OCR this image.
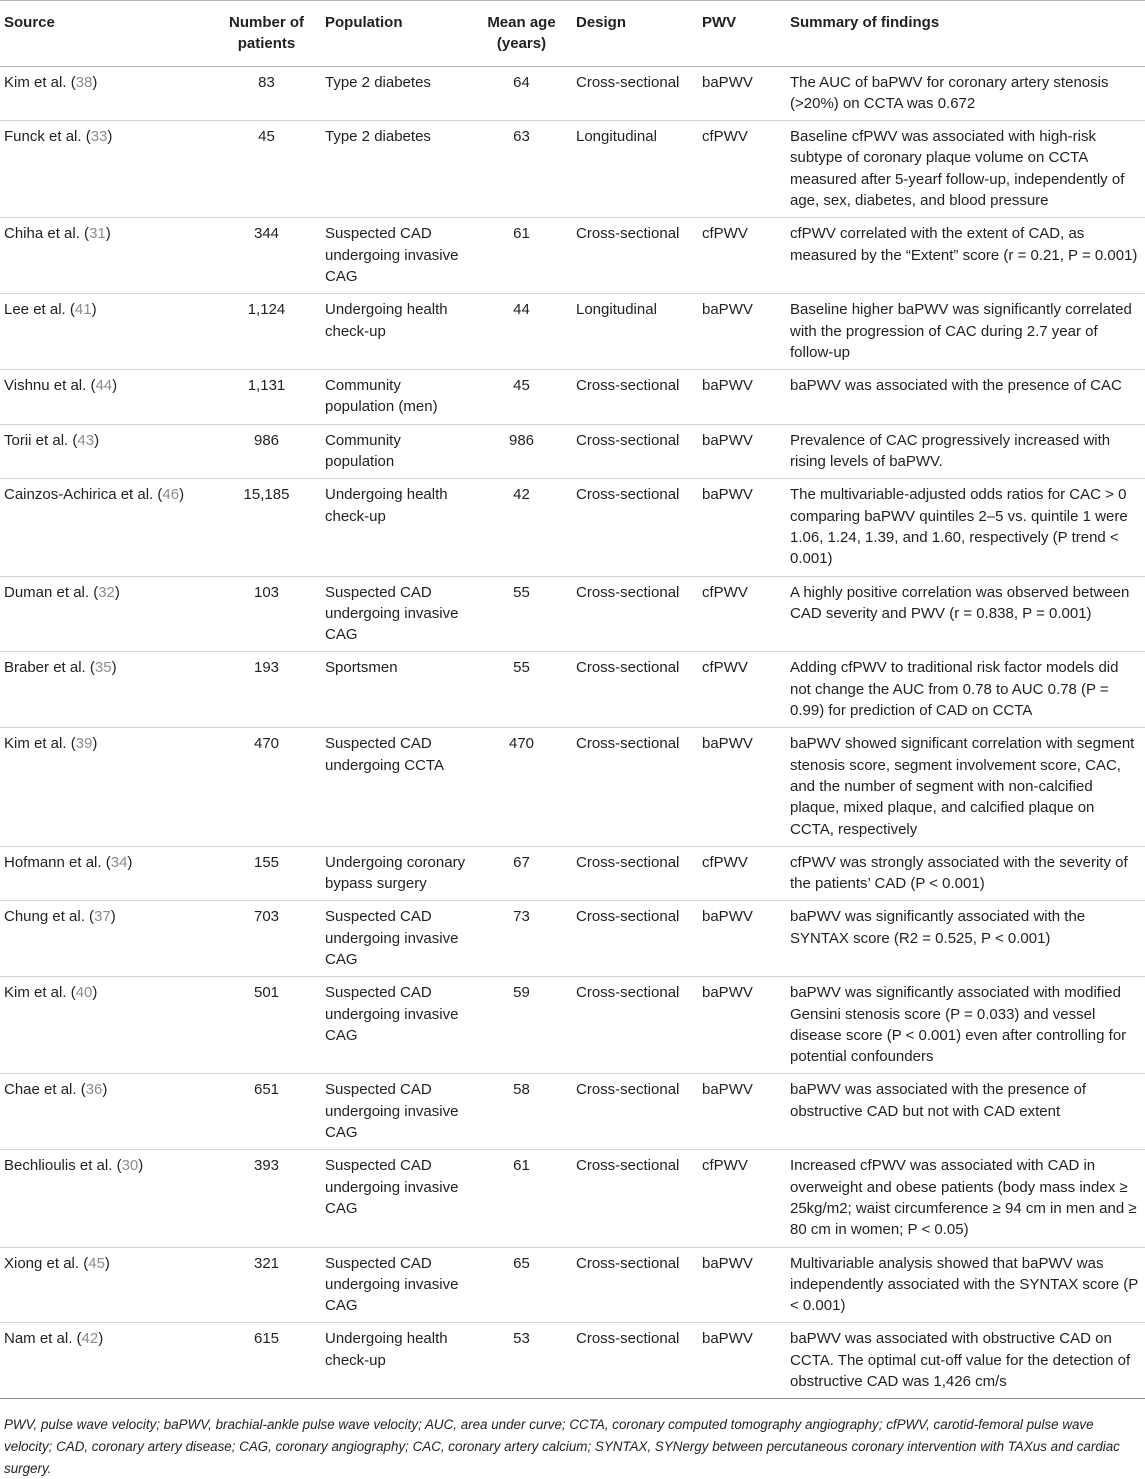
Source	Number of patients	Population	Mean age (years)	Design	PWV	Summary of findings
Kim et al. (38)	83	Type 2 diabetes	64	Cross-sectional	baPWV	The AUC of baPWV for coronary artery stenosis (>20%) on CCTA was 0.672
Funck et al. (33)	45	Type 2 diabetes	63	Longitudinal	cfPWV	Baseline cfPWV was associated with high-risk subtype of coronary plaque volume on CCTA measured after 5-yearf follow-up, independently of age, sex, diabetes, and blood pressure
Chiha et al. (31)	344	Suspected CAD undergoing invasive CAG	61	Cross-sectional	cfPWV	cfPWV correlated with the extent of CAD, as measured by the “Extent” score (r = 0.21, P = 0.001)
Lee et al. (41)	1,124	Undergoing health check-up	44	Longitudinal	baPWV	Baseline higher baPWV was significantly correlated with the progression of CAC during 2.7 year of follow-up
Vishnu et al. (44)	1,131	Community population (men)	45	Cross-sectional	baPWV	baPWV was associated with the presence of CAC
Torii et al. (43)	986	Community population	986	Cross-sectional	baPWV	Prevalence of CAC progressively increased with rising levels of baPWV.
Cainzos-Achirica et al. (46)	15,185	Undergoing health check-up	42	Cross-sectional	baPWV	The multivariable-adjusted odds ratios for CAC > 0 comparing baPWV quintiles 2–5 vs. quintile 1 were 1.06, 1.24, 1.39, and 1.60, respectively (P trend < 0.001)
Duman et al. (32)	103	Suspected CAD undergoing invasive CAG	55	Cross-sectional	cfPWV	A highly positive correlation was observed between CAD severity and PWV (r = 0.838, P = 0.001)
Braber et al. (35)	193	Sportsmen	55	Cross-sectional	cfPWV	Adding cfPWV to traditional risk factor models did not change the AUC from 0.78 to AUC 0.78 (P = 0.99) for prediction of CAD on CCTA
Kim et al. (39)	470	Suspected CAD undergoing CCTA	470	Cross-sectional	baPWV	baPWV showed significant correlation with segment stenosis score, segment involvement score, CAC, and the number of segment with non-calcified plaque, mixed plaque, and calcified plaque on CCTA, respectively
Hofmann et al. (34)	155	Undergoing coronary bypass surgery	67	Cross-sectional	cfPWV	cfPWV was strongly associated with the severity of the patients’ CAD (P < 0.001)
Chung et al. (37)	703	Suspected CAD undergoing invasive CAG	73	Cross-sectional	baPWV	baPWV was significantly associated with the SYNTAX score (R2 = 0.525, P < 0.001)
Kim et al. (40)	501	Suspected CAD undergoing invasive CAG	59	Cross-sectional	baPWV	baPWV was significantly associated with modified Gensini stenosis score (P = 0.033) and vessel disease score (P < 0.001) even after controlling for potential confounders
Chae et al. (36)	651	Suspected CAD undergoing invasive CAG	58	Cross-sectional	baPWV	baPWV was associated with the presence of obstructive CAD but not with CAD extent
Bechlioulis et al. (30)	393	Suspected CAD undergoing invasive CAG	61	Cross-sectional	cfPWV	Increased cfPWV was associated with CAD in overweight and obese patients (body mass index ≥ 25kg/m2; waist circumference ≥ 94 cm in men and ≥ 80 cm in women; P < 0.05)
Xiong et al. (45)	321	Suspected CAD undergoing invasive CAG	65	Cross-sectional	baPWV	Multivariable analysis showed that baPWV was independently associated with the SYNTAX score (P < 0.001)
Nam et al. (42)	615	Undergoing health check-up	53	Cross-sectional	baPWV	baPWV was associated with obstructive CAD on CCTA. The optimal cut-off value for the detection of obstructive CAD was 1,426 cm/s
PWV, pulse wave velocity; baPWV, brachial-ankle pulse wave velocity; AUC, area under curve; CCTA, coronary computed tomography angiography; cfPWV, carotid-femoral pulse wave velocity; CAD, coronary artery disease; CAG, coronary angiography; CAC, coronary artery calcium; SYNTAX, SYNergy between percutaneous coronary intervention with TAXus and cardiac surgery.
